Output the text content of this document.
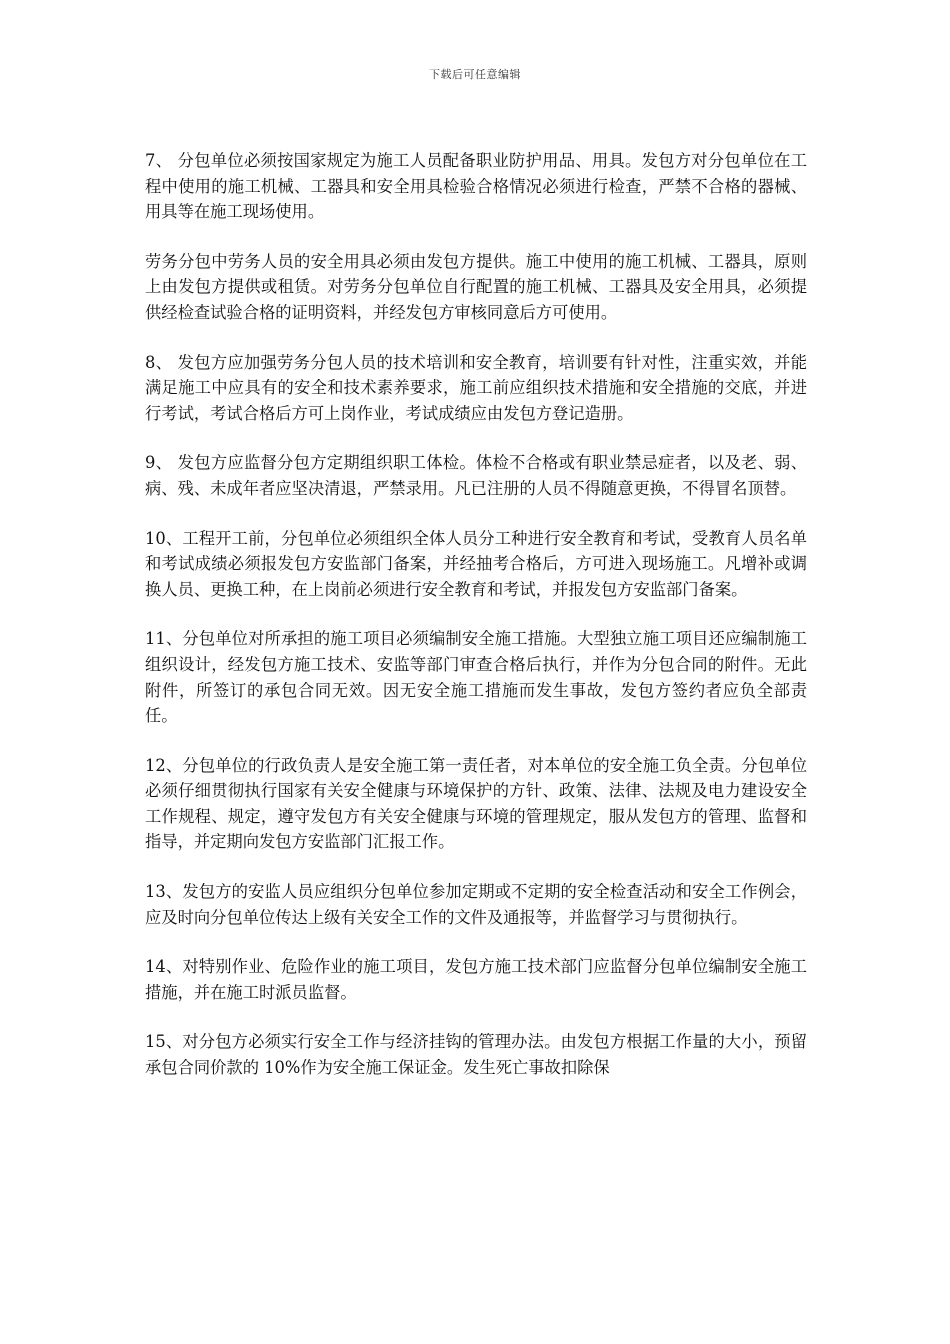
下载后可任意编辑

7、 分包单位必须按国家规定为施工人员配备职业防护用品、用具。发包方对分包单位在工程中使用的施工机械、工器具和安全用具检验合格情况必须进行检查，严禁不合格的器械、用具等在施工现场使用。

劳务分包中劳务人员的安全用具必须由发包方提供。施工中使用的施工机械、工器具，原则上由发包方提供或租赁。对劳务分包单位自行配置的施工机械、工器具及安全用具，必须提供经检查试验合格的证明资料，并经发包方审核同意后方可使用。

8、 发包方应加强劳务分包人员的技术培训和安全教育，培训要有针对性，注重实效，并能满足施工中应具有的安全和技术素养要求，施工前应组织技术措施和安全措施的交底，并进行考试，考试合格后方可上岗作业，考试成绩应由发包方登记造册。

9、 发包方应监督分包方定期组织职工体检。体检不合格或有职业禁忌症者，以及老、弱、病、残、未成年者应坚决清退，严禁录用。凡已注册的人员不得随意更换，不得冒名顶替。

10、工程开工前，分包单位必须组织全体人员分工种进行安全教育和考试，受教育人员名单和考试成绩必须报发包方安监部门备案，并经抽考合格后，方可进入现场施工。凡增补或调换人员、更换工种，在上岗前必须进行安全教育和考试，并报发包方安监部门备案。

11、分包单位对所承担的施工项目必须编制安全施工措施。大型独立施工项目还应编制施工组织设计，经发包方施工技术、安监等部门审查合格后执行，并作为分包合同的附件。无此附件，所签订的承包合同无效。因无安全施工措施而发生事故，发包方签约者应负全部责任。

12、分包单位的行政负责人是安全施工第一责任者，对本单位的安全施工负全责。分包单位必须仔细贯彻执行国家有关安全健康与环境保护的方针、政策、法律、法规及电力建设安全工作规程、规定，遵守发包方有关安全健康与环境的管理规定，服从发包方的管理、监督和指导，并定期向发包方安监部门汇报工作。

13、发包方的安监人员应组织分包单位参加定期或不定期的安全检查活动和安全工作例会，应及时向分包单位传达上级有关安全工作的文件及通报等，并监督学习与贯彻执行。

14、对特别作业、危险作业的施工项目，发包方施工技术部门应监督分包单位编制安全施工措施，并在施工时派员监督。

15、对分包方必须实行安全工作与经济挂钩的管理办法。由发包方根据工作量的大小，预留承包合同价款的 10%作为安全施工保证金。发生死亡事故扣除保
